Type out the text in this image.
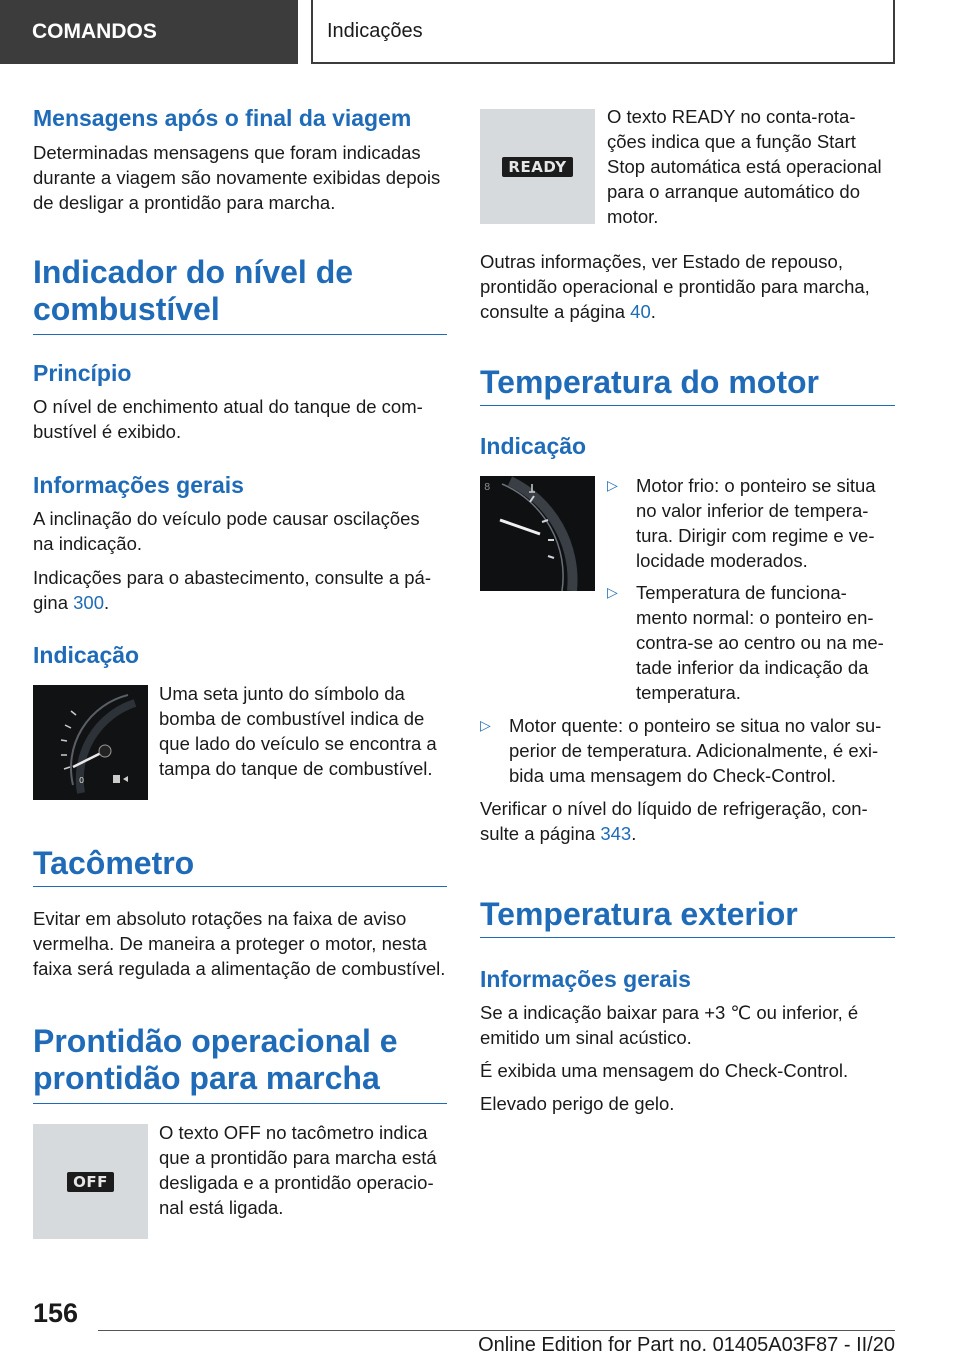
COMANDOS	Indicações
Mensagens após o final da viagem
Determinadas mensagens que foram indicadas
durante a viagem são novamente exibidas depois
de desligar a prontidão para marcha.
Indicador do nível de
combustível
Princípio
O nível de enchimento atual do tanque de com‐
bustível é exibido.
Informações gerais
A inclinação do veículo pode causar oscilações
na indicação.
Indicações para o abastecimento, consulte a pá‐
gina 300.
Indicação
0
Uma seta junto do símbolo da
bomba de combustível indica de
que lado do veículo se encontra a
tampa do tanque de combustível.
Tacômetro
Evitar em absoluto rotações na faixa de aviso
vermelha. De maneira a proteger o motor, nesta
faixa será regulada a alimentação de combustível.
Prontidão operacional e
prontidão para marcha
OFF
O texto OFF no tacômetro indica
que a prontidão para marcha está
desligada e a prontidão operacio‐
nal está ligada.
READY
O texto READY no conta-rota‐
ções indica que a função Start
Stop automática está operacional
para o arranque automático do
motor.
Outras informações, ver Estado de repouso,
prontidão operacional e prontidão para marcha,
consulte a página 40.
Temperatura do motor
Indicação
8	▷ Motor frio: o ponteiro se situa
no valor inferior de tempera‐
tura. Dirigir com regime e ve‐
locidade moderados.
▷ Temperatura de funciona‐
mento normal: o ponteiro en‐
contra-se ao centro ou na me‐
tade inferior da indicação da
temperatura.
▷ Motor quente: o ponteiro se situa no valor su‐
perior de temperatura. Adicionalmente, é exi‐
bida uma mensagem do Check-Control.
Verificar o nível do líquido de refrigeração, con‐
sulte a página 343.
Temperatura exterior
Informações gerais
Se a indicação baixar para +3 ℃ ou inferior, é
emitido um sinal acústico.
É exibida uma mensagem do Check-Control.
Elevado perigo de gelo.
156
Online Edition for Part no. 01405A03F87 - II/20
